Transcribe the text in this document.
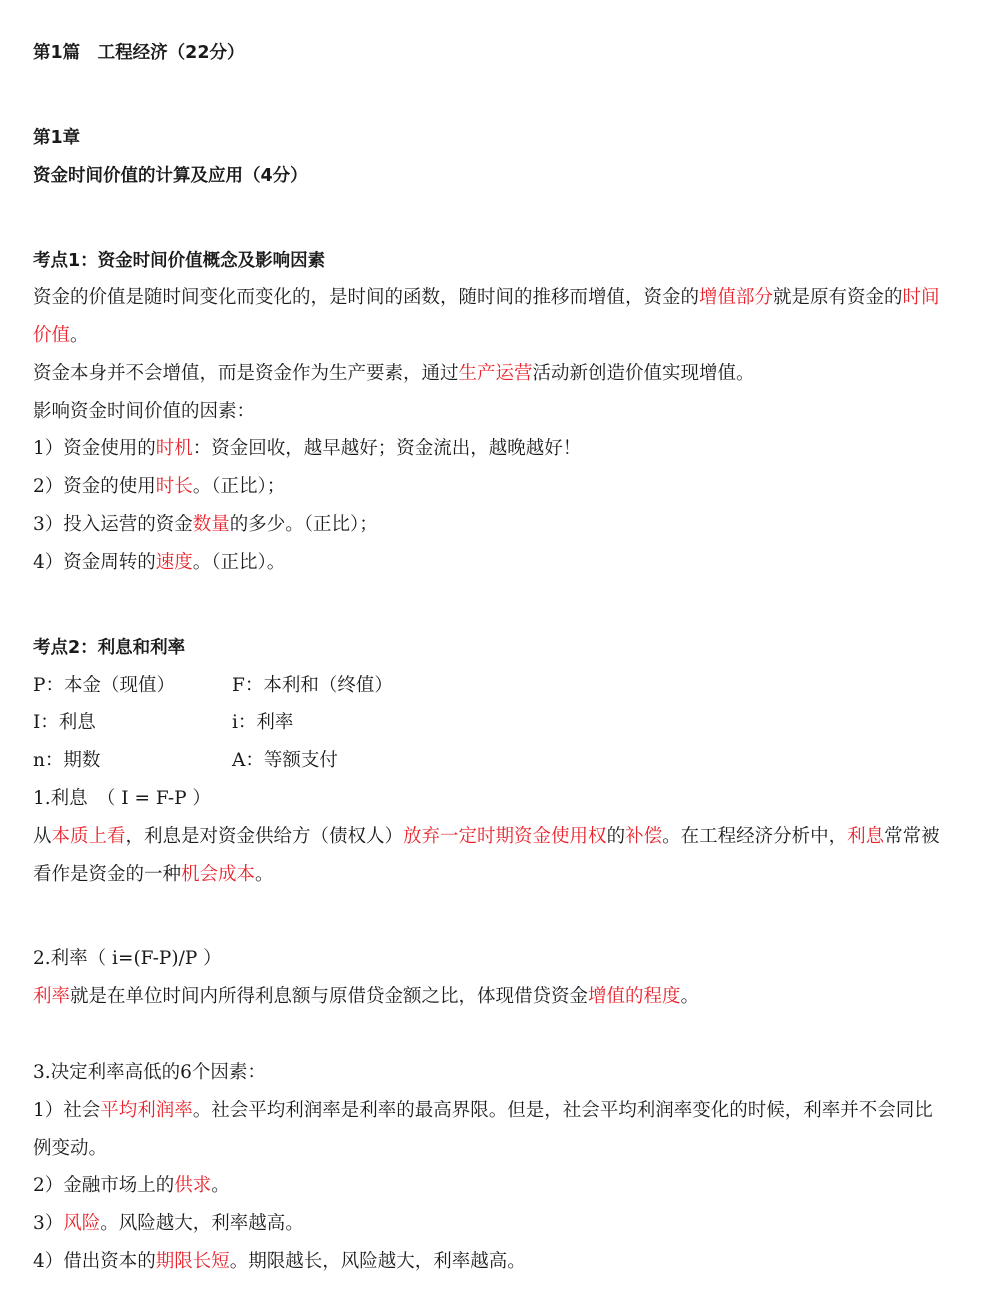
第1篇　工程经济（22分）
第1章
资金时间价值的计算及应用（4分）
考点1：资金时间价值概念及影响因素
资金的价值是随时间变化而变化的，是时间的函数，随时间的推移而增值，资金的增值部分就是原有资金的时间
价值。
资金本身并不会增值，而是资金作为生产要素，通过生产运营活动新创造价值实现增值。
影响资金时间价值的因素：
1）资金使用的时机：资金回收，越早越好；资金流出，越晚越好！
2）资金的使用时长。（正比）；
3）投入运营的资金数量的多少。（正比）；
4）资金周转的速度。（正比）。
考点2：利息和利率
P：本金（现值）	F：本利和（终值）
I：利息	i：利率
n：期数	A：等额支付
1.利息　（ I = F-P ）
从本质上看，利息是对资金供给方（债权人）放弃一定时期资金使用权的补偿。在工程经济分析中，利息常常被
看作是资金的一种机会成本。
2.利率（ i=(F-P)/P ）
利率就是在单位时间内所得利息额与原借贷金额之比，体现借贷资金增值的程度。
3.决定利率高低的6个因素：
1）社会平均利润率。社会平均利润率是利率的最高界限。但是，社会平均利润率变化的时候，利率并不会同比
例变动。
2）金融市场上的供求。
3）风险。风险越大，利率越高。
4）借出资本的期限长短。期限越长，风险越大，利率越高。
